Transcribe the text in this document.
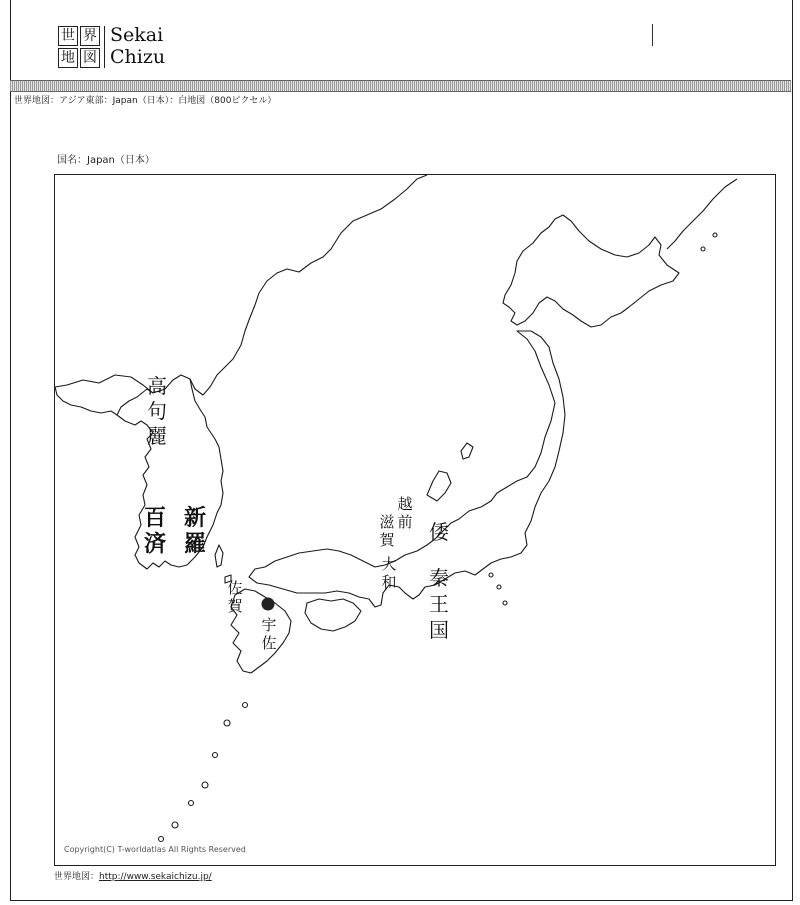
世 界
地 図
Sekai
Chizu
世界地図：アジア東部：Japan（日本）：白地図（800ピクセル）
国名：Japan（日本）
高
句
麗
百
済
新
羅	倭
秦
王
国
越
前
滋
賀
大
和
佐
賀
宇
佐
Copyright(C) T-worldatlas All Rights Reserved
世界地図：http://www.sekaichizu.jp/
